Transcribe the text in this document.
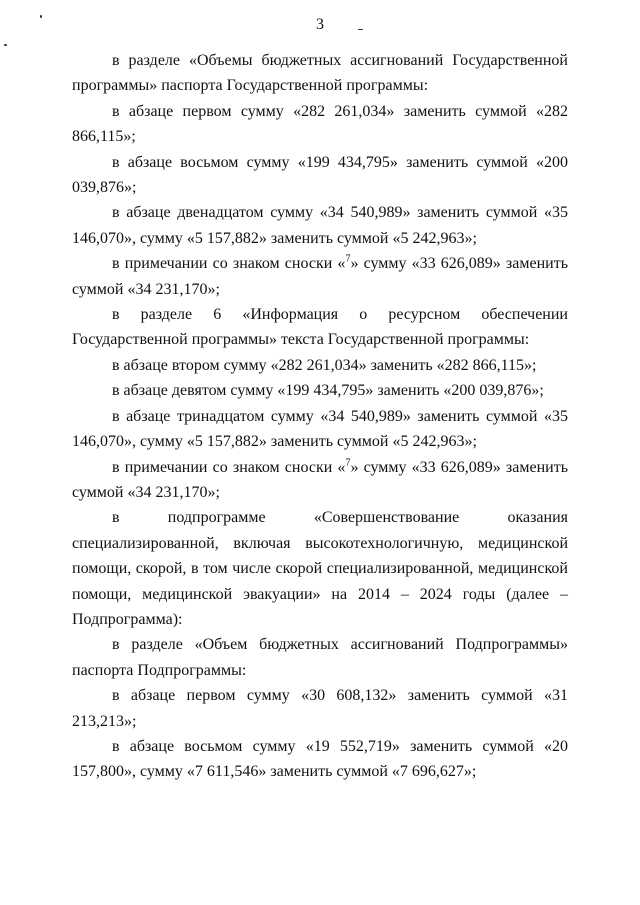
3

в разделе «Объемы бюджетных ассигнований Государственной программы» паспорта Государственной программы:

в абзаце первом сумму «282 261,034» заменить суммой «282 866,115»;

в абзаце восьмом сумму «199 434,795» заменить суммой «200 039,876»;

в абзаце двенадцатом сумму «34 540,989» заменить суммой «35 146,070», сумму «5 157,882» заменить суммой «5 242,963»;

в примечании со знаком сноски «$^7$» сумму «33 626,089» заменить суммой «34 231,170»;

в разделе 6 «Информация о ресурсном обеспечении Государственной программы» текста Государственной программы:

в абзаце втором сумму «282 261,034» заменить «282 866,115»;

в абзаце девятом сумму «199 434,795» заменить «200 039,876»;

в абзаце тринадцатом сумму «34 540,989» заменить суммой «35 146,070», сумму «5 157,882» заменить суммой «5 242,963»;

в примечании со знаком сноски «$^7$» сумму «33 626,089» заменить суммой «34 231,170»;

в подпрограмме «Совершенствование оказания специализированной, включая высокотехнологичную, медицинской помощи, скорой, в том числе скорой специализированной, медицинской помощи, медицинской эвакуации» на 2014 – 2024 годы (далее – Подпрограмма):

в разделе «Объем бюджетных ассигнований Подпрограммы» паспорта Подпрограммы:

в абзаце первом сумму «30 608,132» заменить суммой «31 213,213»;

в абзаце восьмом сумму «19 552,719» заменить суммой «20 157,800», сумму «7 611,546» заменить суммой «7 696,627»;
